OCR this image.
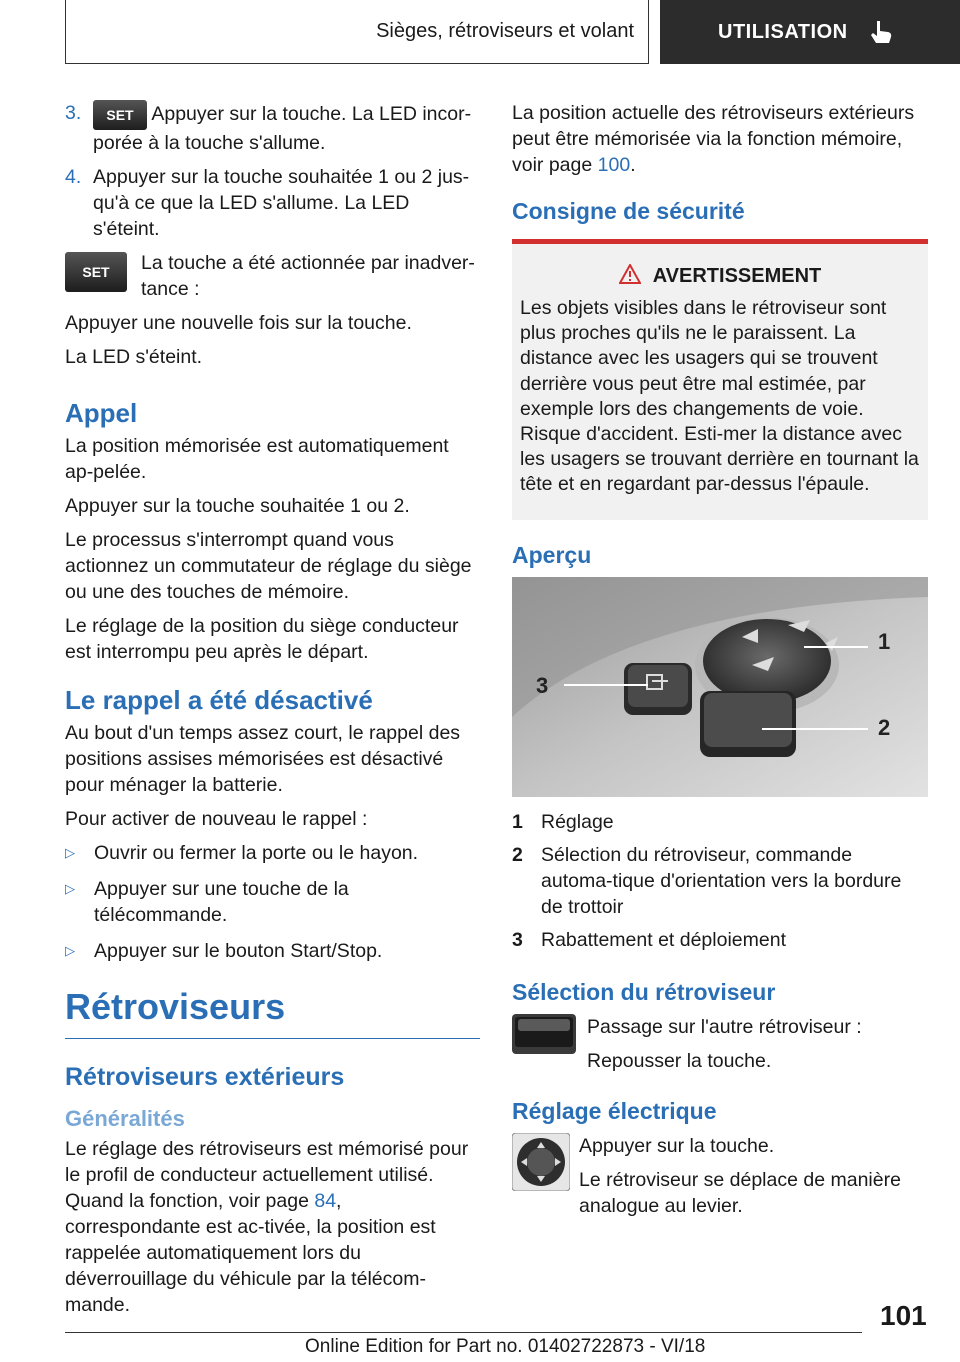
Sièges, rétroviseurs et volant	UTILISATION
3.	SET Appuyer sur la touche. La LED incor-
porée à la touche s'allume.

4. Appuyer sur la touche souhaitée 1 ou 2 jus-qu'à ce que la LED s'allume. La LED s'éteint.

SET	La touche a été actionnée par inadver-tance :

Appuyer une nouvelle fois sur la touche.

La LED s'éteint.

Appel

La position mémorisée est automatiquement ap-pelée.

Appuyer sur la touche souhaitée 1 ou 2.

Le processus s'interrompt quand vous actionnez un commutateur de réglage du siège ou une des touches de mémoire.

Le réglage de la position du siège conducteur est interrompu peu après le départ.

Le rappel a été désactivé

Au bout d'un temps assez court, le rappel des positions assises mémorisées est désactivé pour ménager la batterie.

Pour activer de nouveau le rappel :

▷ Ouvrir ou fermer la porte ou le hayon.

▷ Appuyer sur une touche de la télécommande.

▷ Appuyer sur le bouton Start/Stop.

Rétroviseurs
Rétroviseurs extérieurs
Généralités

Le réglage des rétroviseurs est mémorisé pour le profil de conducteur actuellement utilisé. Quand la fonction, voir page 84, correspondante est ac-tivée, la position est rappelée automatiquement lors du déverrouillage du véhicule par la télécom-mande.

La position actuelle des rétroviseurs extérieurs peut être mémorisée via la fonction mémoire, voir page 100.

Consigne de sécurité
AVERTISSEMENT

Les objets visibles dans le rétroviseur sont plus proches qu'ils ne le paraissent. La distance avec les usagers qui se trouvent derrière vous peut être mal estimée, par exemple lors des changements de voie. Risque d'accident. Esti-mer la distance avec les usagers se trouvant derrière en tournant la tête et en regardant par-dessus l'épaule.

Aperçu
3
1
2
1 Réglage

2 Sélection du rétroviseur, commande automa-tique d'orientation vers la bordure de trottoir

3 Rabattement et déploiement

Sélection du rétroviseur

Passage sur l'autre rétroviseur :

Repousser la touche.

Réglage électrique

Appuyer sur la touche.

Le rétroviseur se déplace de manière analogue au levier.

101
Online Edition for Part no. 01402722873 - VI/18
